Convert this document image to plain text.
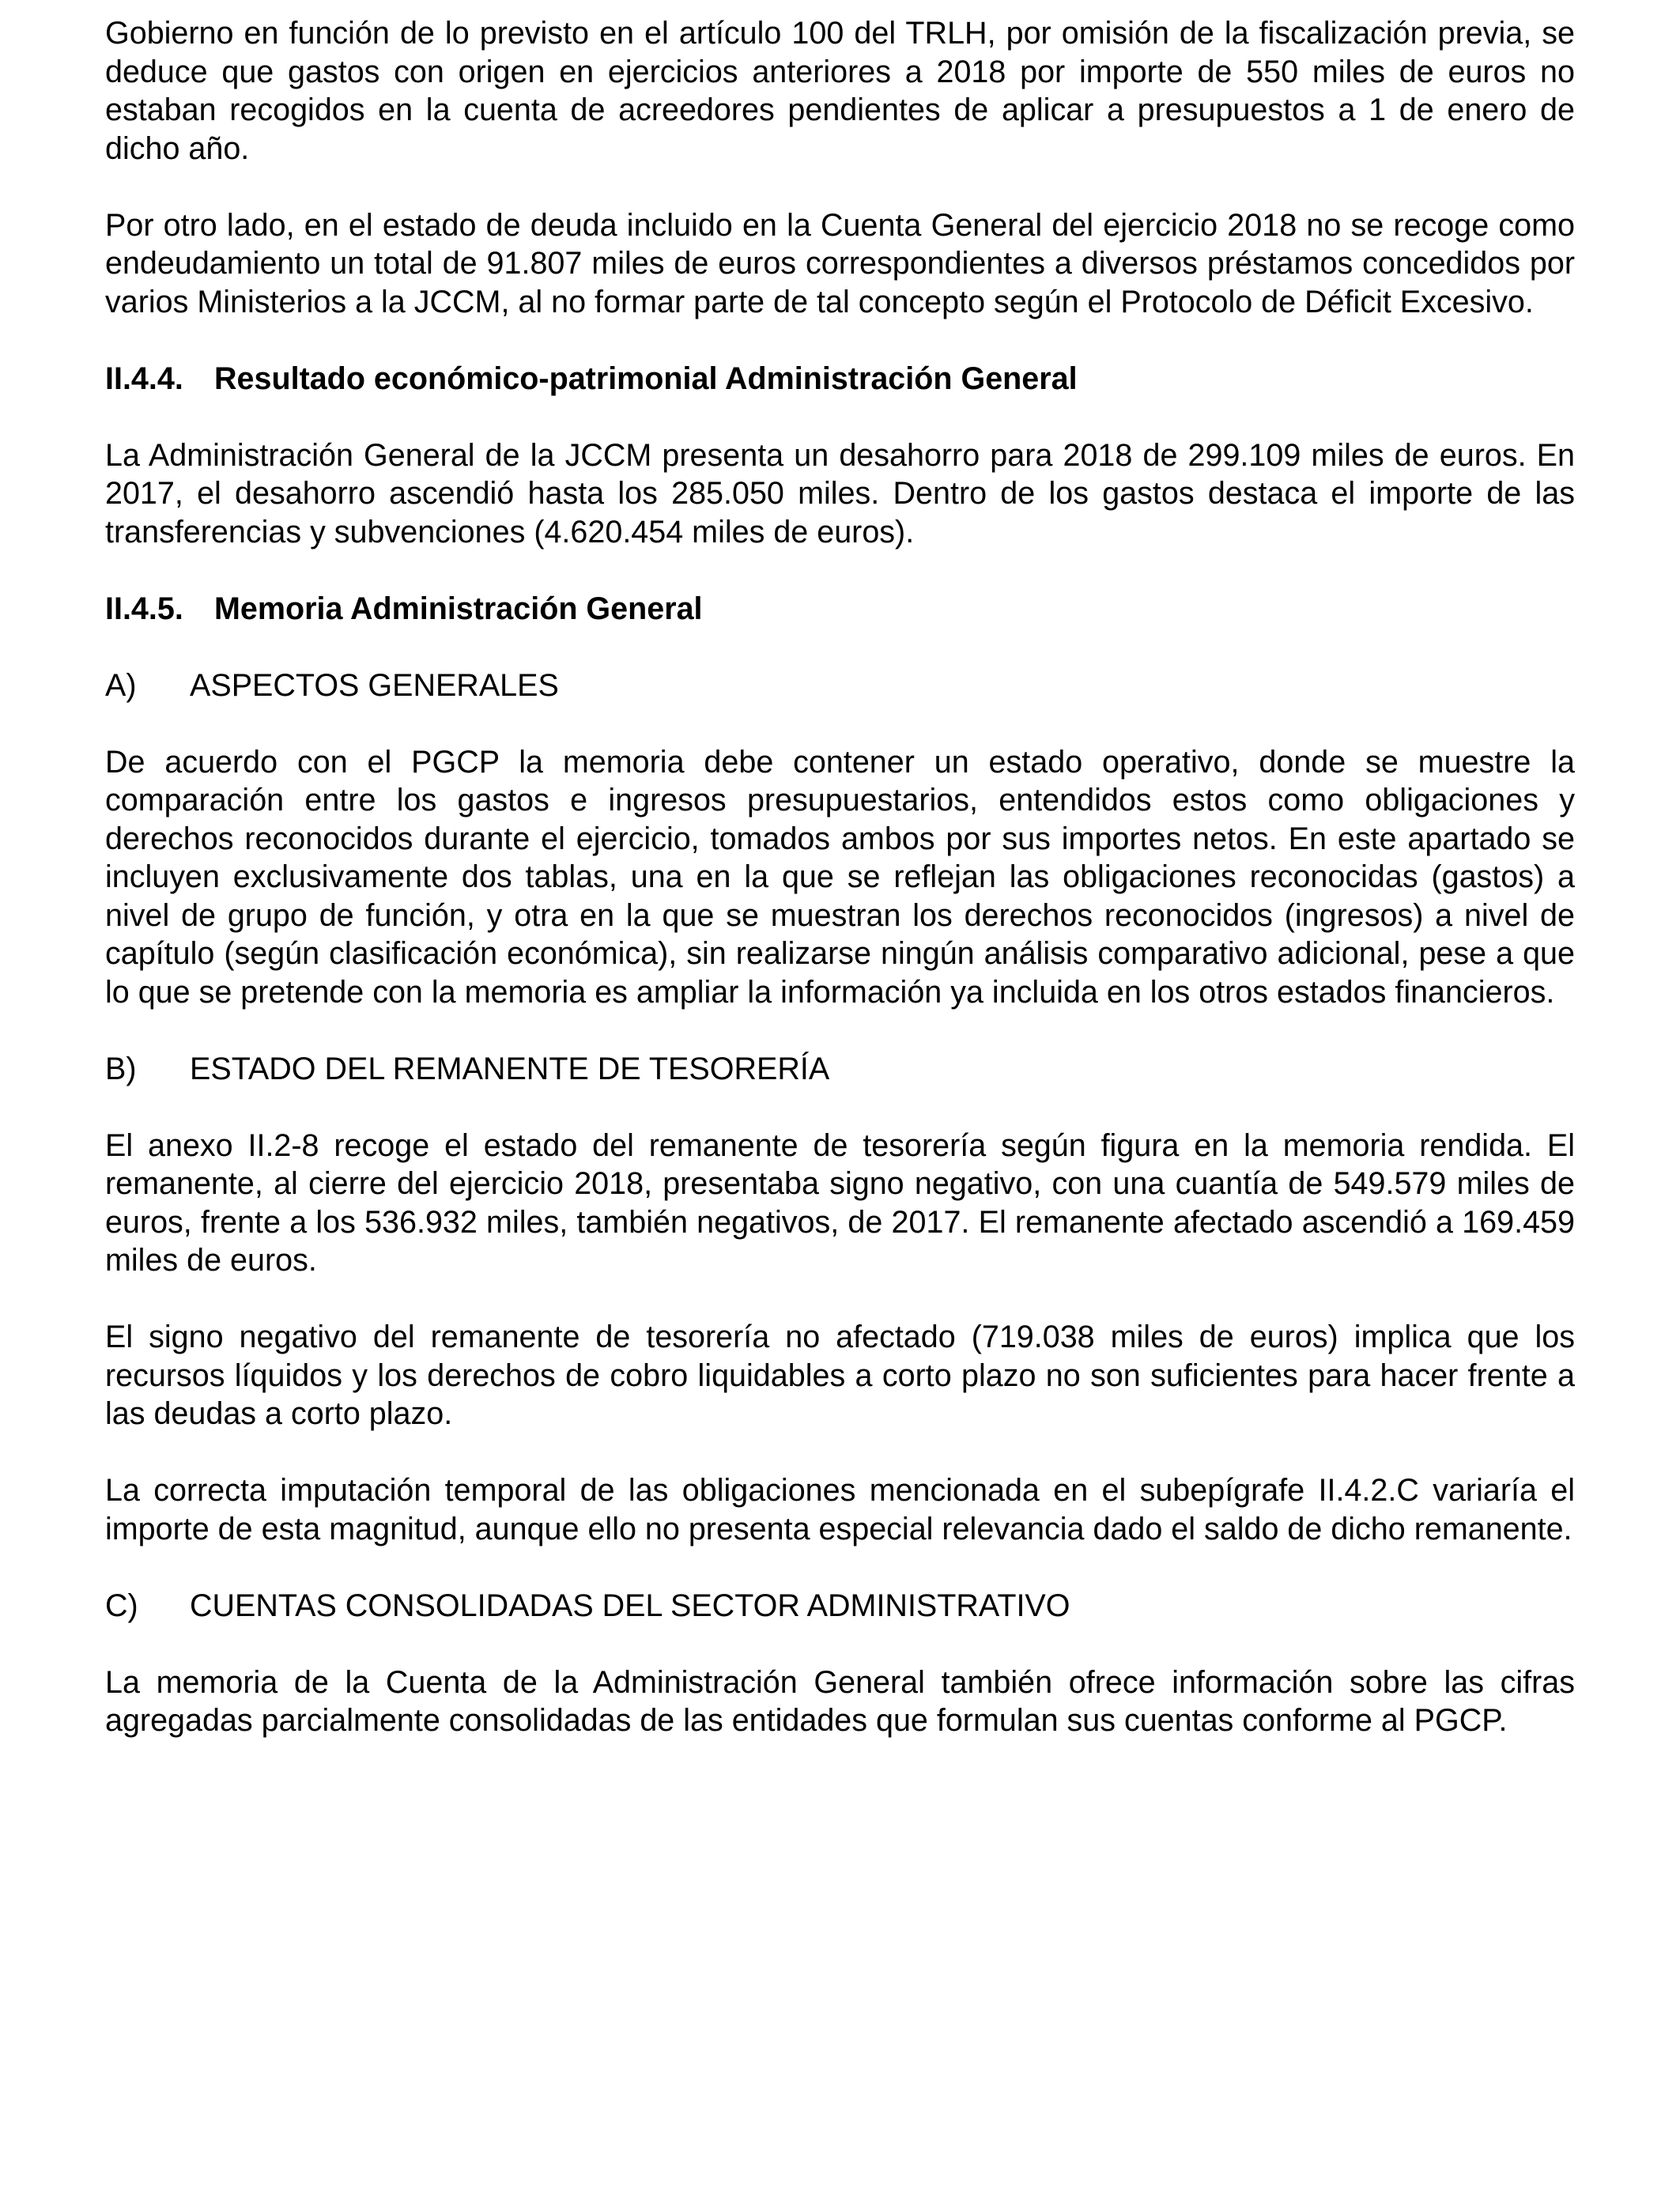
Gobierno en función de lo previsto en el artículo 100 del TRLH, por omisión de la fiscalización previa, se deduce que gastos con origen en ejercicios anteriores a 2018 por importe de 550 miles de euros no estaban recogidos en la cuenta de acreedores pendientes de aplicar a presupuestos a 1 de enero de dicho año.

Por otro lado, en el estado de deuda incluido en la Cuenta General del ejercicio 2018 no se recoge como endeudamiento un total de 91.807 miles de euros correspondientes a diversos préstamos concedidos por varios Ministerios a la JCCM, al no formar parte de tal concepto según el Protocolo de Déficit Excesivo.

II.4.4. Resultado económico-patrimonial Administración General

La Administración General de la JCCM presenta un desahorro para 2018 de 299.109 miles de euros. En 2017, el desahorro ascendió hasta los 285.050 miles. Dentro de los gastos destaca el importe de las transferencias y subvenciones (4.620.454 miles de euros).

II.4.5. Memoria Administración General
A)	ASPECTOS GENERALES

De acuerdo con el PGCP la memoria debe contener un estado operativo, donde se muestre la comparación entre los gastos e ingresos presupuestarios, entendidos estos como obligaciones y derechos reconocidos durante el ejercicio, tomados ambos por sus importes netos. En este apartado se incluyen exclusivamente dos tablas, una en la que se reflejan las obligaciones reconocidas (gastos) a nivel de grupo de función, y otra en la que se muestran los derechos reconocidos (ingresos) a nivel de capítulo (según clasificación económica), sin realizarse ningún análisis comparativo adicional, pese a que lo que se pretende con la memoria es ampliar la información ya incluida en los otros estados financieros.

B)	ESTADO DEL REMANENTE DE TESORERÍA

El anexo II.2-8 recoge el estado del remanente de tesorería según figura en la memoria rendida. El remanente, al cierre del ejercicio 2018, presentaba signo negativo, con una cuantía de 549.579 miles de euros, frente a los 536.932 miles, también negativos, de 2017. El remanente afectado ascendió a 169.459 miles de euros.

El signo negativo del remanente de tesorería no afectado (719.038 miles de euros) implica que los recursos líquidos y los derechos de cobro liquidables a corto plazo no son suficientes para hacer frente a las deudas a corto plazo.

La correcta imputación temporal de las obligaciones mencionada en el subepígrafe II.4.2.C variaría el importe de esta magnitud, aunque ello no presenta especial relevancia dado el saldo de dicho remanente.

C)	CUENTAS CONSOLIDADAS DEL SECTOR ADMINISTRATIVO

La memoria de la Cuenta de la Administración General también ofrece información sobre las cifras agregadas parcialmente consolidadas de las entidades que formulan sus cuentas conforme al PGCP.
